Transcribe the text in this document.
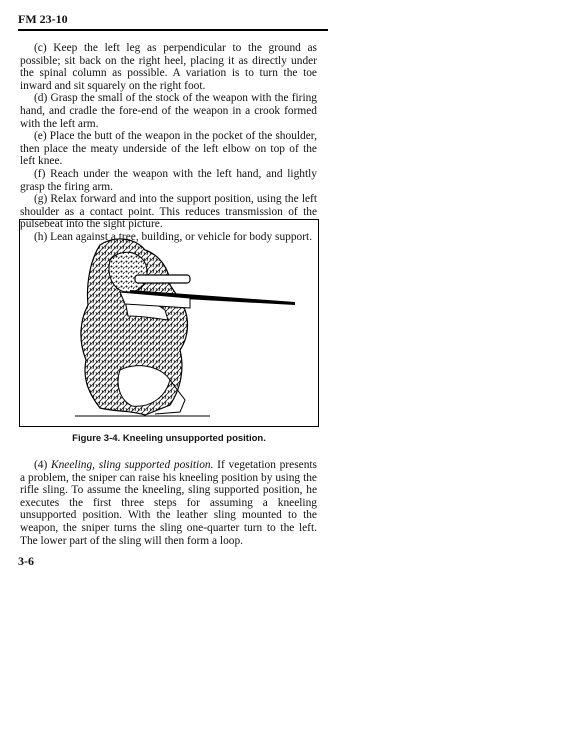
FM 23-10

(c) Keep the left leg as perpendicular to the ground as possible; sit back on the right heel, placing it as directly under the spinal column as possible. A variation is to turn the toe inward and sit squarely on the right foot.

(d) Grasp the small of the stock of the weapon with the firing hand, and cradle the fore-end of the weapon in a crook formed with the left arm.

(e) Place the butt of the weapon in the pocket of the shoulder, then place the meaty underside of the left elbow on top of the left knee.

(f) Reach under the weapon with the left hand, and lightly grasp the firing arm.

(g) Relax forward and into the support position, using the left shoulder as a contact point. This reduces transmission of the pulsebeat into the sight picture.

(h) Lean against a tree, building, or vehicle for body support.

Figure 3-4. Kneeling unsupported position.

(4) Kneeling, sling supported position. If vegetation presents a problem, the sniper can raise his kneeling position by using the rifle sling. To assume the kneeling, sling supported position, he executes the first three steps for assuming a kneeling unsupported position. With the leather sling mounted to the weapon, the sniper turns the sling one-quarter turn to the left. The lower part of the sling will then form a loop.

3-6
